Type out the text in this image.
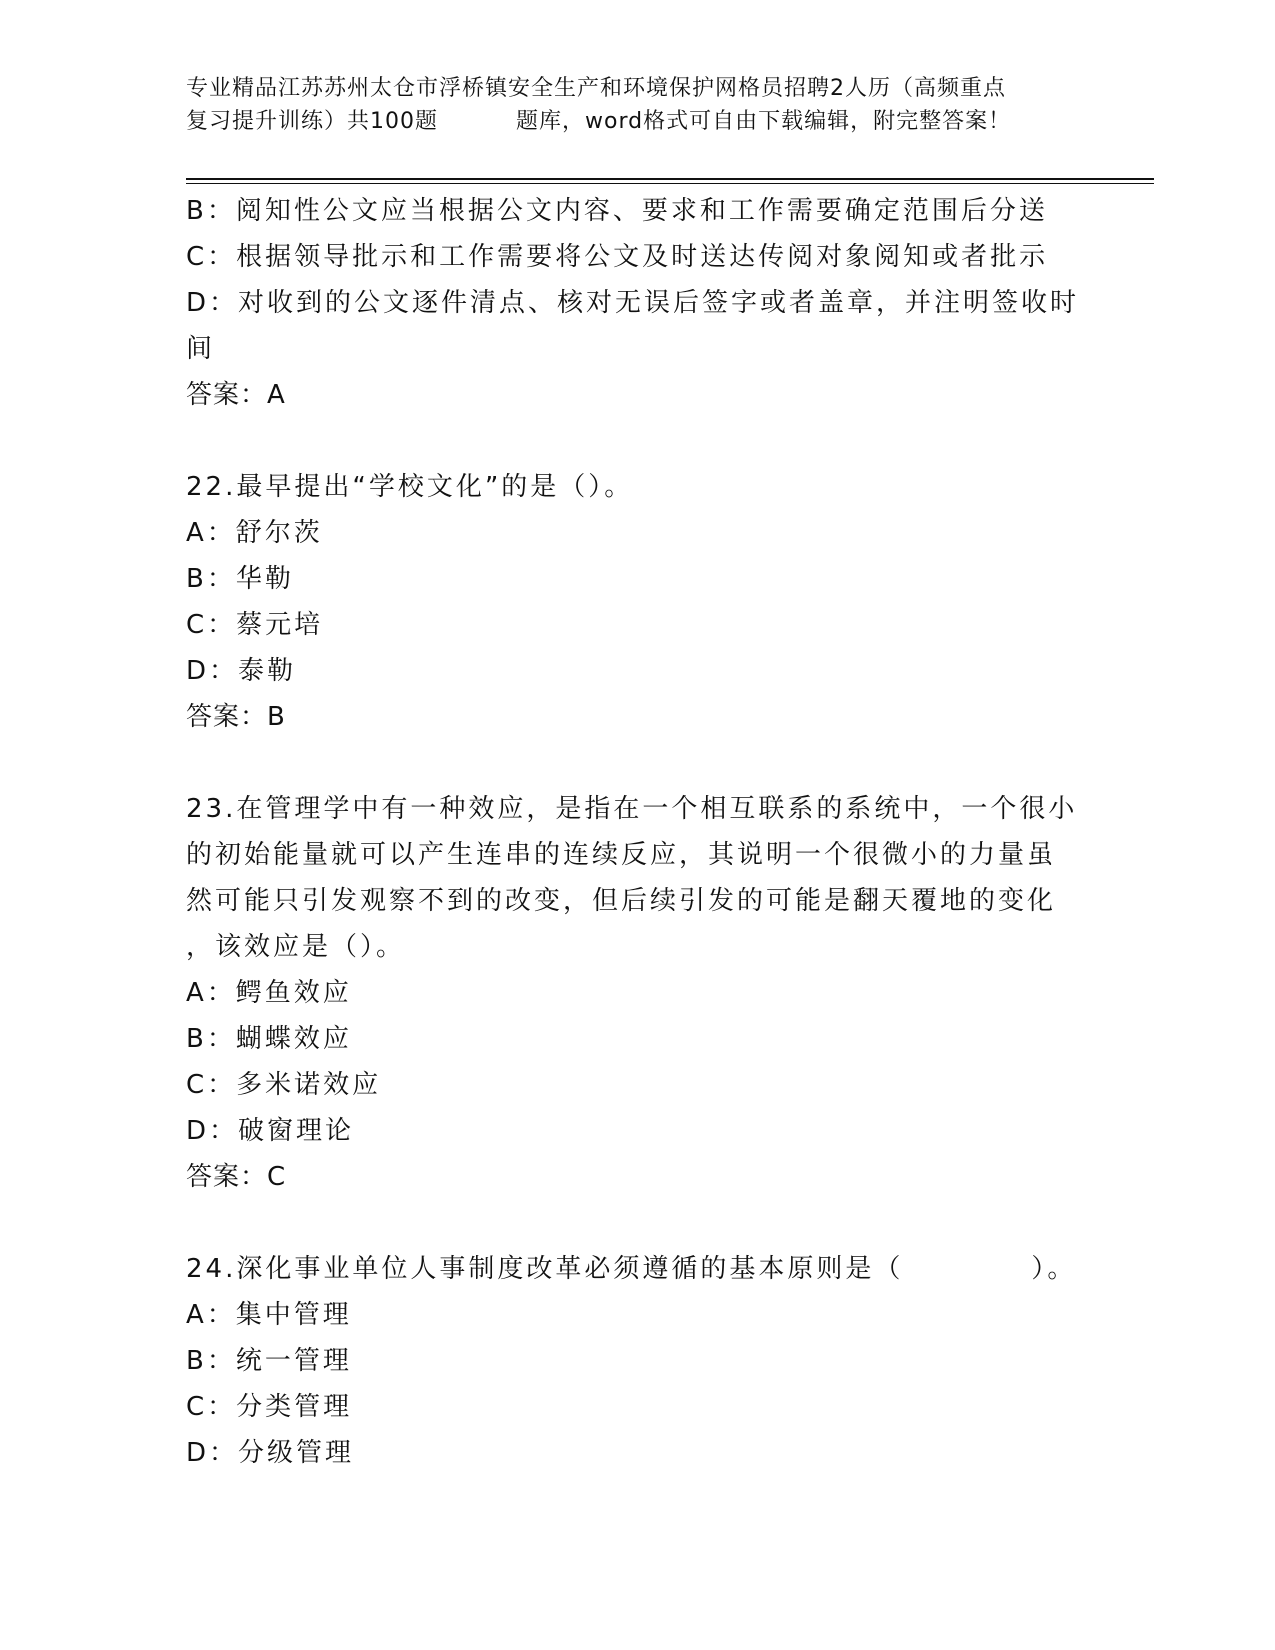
专业精品江苏苏州太仓市浮桥镇安全生产和环境保护网格员招聘2人历（高频重点
复习提升训练）共100题	题库，word格式可自由下载编辑，附完整答案！
B：阅知性公文应当根据公文内容、要求和工作需要确定范围后分送
C：根据领导批示和工作需要将公文及时送达传阅对象阅知或者批示
D：对收到的公文逐件清点、核对无误后签字或者盖章，并注明签收时
间
答案：A
22.最早提出“学校文化”的是（）。
A：舒尔茨
B：华勒
C：蔡元培
D：泰勒
答案：B
23.在管理学中有一种效应，是指在一个相互联系的系统中，一个很小
的初始能量就可以产生连串的连续反应，其说明一个很微小的力量虽
然可能只引发观察不到的改变，但后续引发的可能是翻天覆地的变化
，该效应是（）。
A：鳄鱼效应
B：蝴蝶效应
C：多米诺效应
D：破窗理论
答案：C
24.深化事业单位人事制度改革必须遵循的基本原则是（	）。
A：集中管理
B：统一管理
C：分类管理
D：分级管理
